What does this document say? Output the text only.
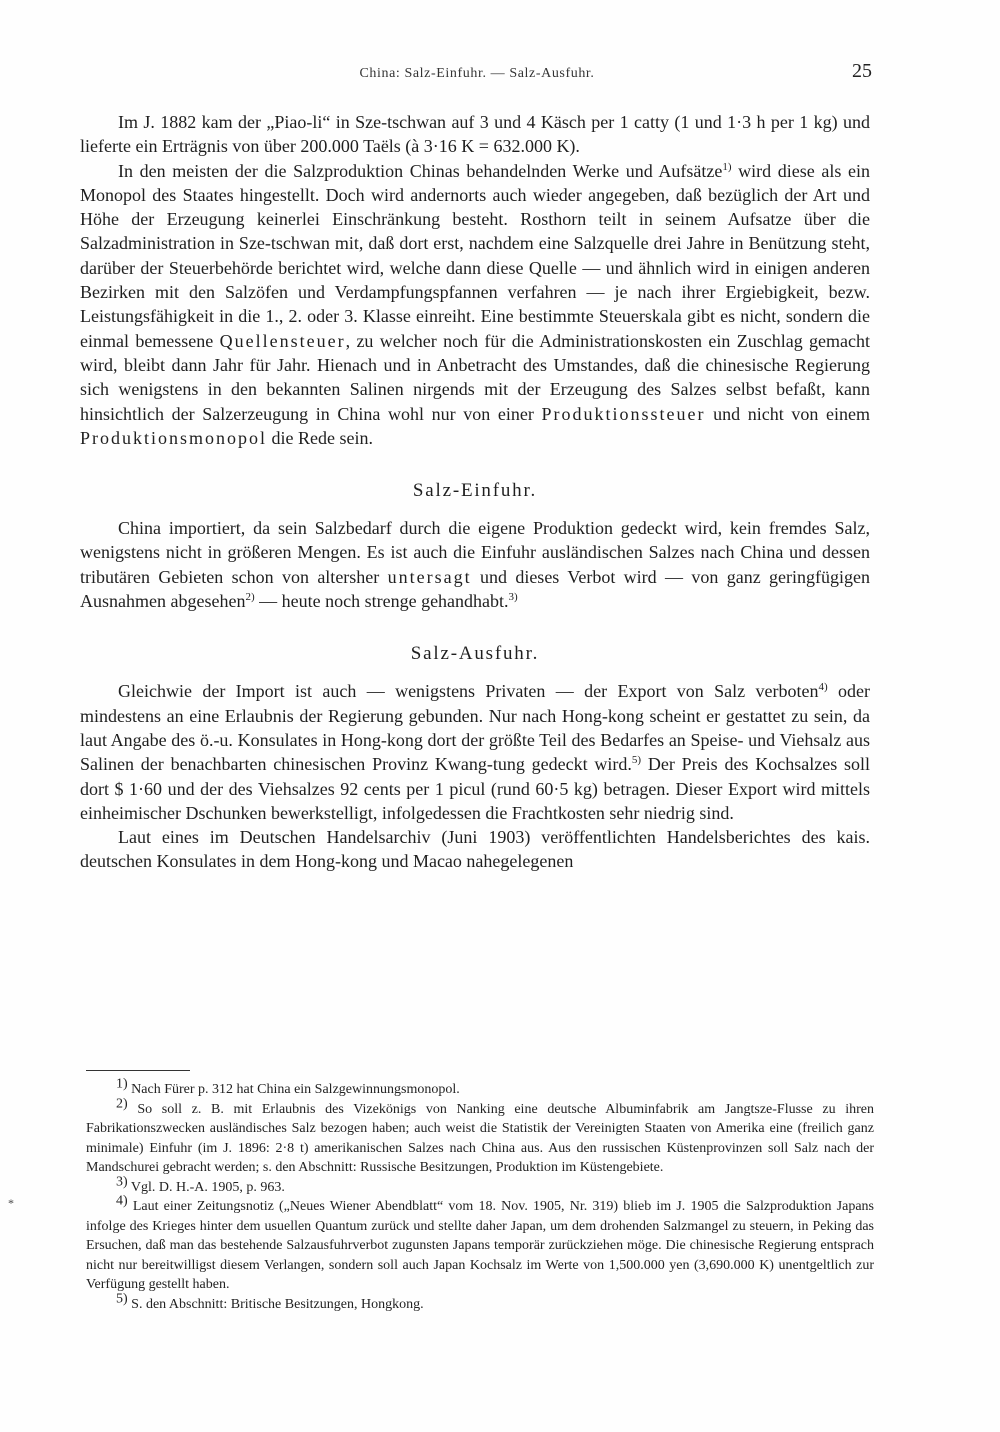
China: Salz-Einfuhr. — Salz-Ausfuhr.	25

Im J. 1882 kam der „Piao-li“ in Sze-tschwan auf 3 und 4 Käsch per 1 catty (1 und 1·3 h per 1 kg) und lieferte ein Erträgnis von über 200.000 Taëls (à 3·16 K = 632.000 K).

In den meisten der die Salzproduktion Chinas behandelnden Werke und Aufsätze$^{1)}$ wird diese als ein Monopol des Staates hingestellt. Doch wird andernorts auch wieder angegeben, daß bezüglich der Art und Höhe der Erzeugung keinerlei Einschränkung besteht. Rosthorn teilt in seinem Aufsatze über die Salzadministration in Sze-tschwan mit, daß dort erst, nachdem eine Salzquelle drei Jahre in Benützung steht, darüber der Steuerbehörde berichtet wird, welche dann diese Quelle — und ähnlich wird in einigen anderen Bezirken mit den Salzöfen und Verdampfungspfannen verfahren — je nach ihrer Ergiebigkeit, bezw. Leistungsfähigkeit in die 1., 2. oder 3. Klasse einreiht. Eine bestimmte Steuerskala gibt es nicht, sondern die einmal bemessene Quellensteuer, zu welcher noch für die Administrationskosten ein Zuschlag gemacht wird, bleibt dann Jahr für Jahr. Hienach und in Anbetracht des Umstandes, daß die chinesische Regierung sich wenigstens in den bekannten Salinen nirgends mit der Erzeugung des Salzes selbst befaßt, kann hinsichtlich der Salzerzeugung in China wohl nur von einer Produktionssteuer und nicht von einem Produktionsmonopol die Rede sein.

Salz-Einfuhr.

China importiert, da sein Salzbedarf durch die eigene Produktion gedeckt wird, kein fremdes Salz, wenigstens nicht in größeren Mengen. Es ist auch die Einfuhr ausländischen Salzes nach China und dessen tributären Gebieten schon von altersher untersagt und dieses Verbot wird — von ganz geringfügigen Ausnahmen abgesehen$^{2)}$ — heute noch strenge gehandhabt.$^{3)}$

Salz-Ausfuhr.

Gleichwie der Import ist auch — wenigstens Privaten — der Export von Salz verboten$^{4)}$ oder mindestens an eine Erlaubnis der Regierung gebunden. Nur nach Hong-kong scheint er gestattet zu sein, da laut Angabe des ö.-u. Konsulates in Hong-kong dort der größte Teil des Bedarfes an Speise- und Viehsalz aus Salinen der benachbarten chinesischen Provinz Kwang-tung gedeckt wird.$^{5)}$ Der Preis des Kochsalzes soll dort $ 1·60 und der des Viehsalzes 92 cents per 1 picul (rund 60·5 kg) betragen. Dieser Export wird mittels einheimischer Dschunken bewerkstelligt, infolgedessen die Frachtkosten sehr niedrig sind.

Laut eines im Deutschen Handelsarchiv (Juni 1903) veröffentlichten Handelsberichtes des kais. deutschen Konsulates in dem Hong-kong und Macao nahegelegenen

$^{1)}$ Nach Fürer p. 312 hat China ein Salzgewinnungsmonopol.

$^{2)}$ So soll z. B. mit Erlaubnis des Vizekönigs von Nanking eine deutsche Albuminfabrik am Jangtsze-Flusse zu ihren Fabrikationszwecken ausländisches Salz bezogen haben; auch weist die Statistik der Vereinigten Staaten von Amerika eine (freilich ganz minimale) Einfuhr (im J. 1896: 2·8 t) amerikanischen Salzes nach China aus. Aus den russischen Küstenprovinzen soll Salz nach der Mandschurei gebracht werden; s. den Abschnitt: Russische Besitzungen, Produktion im Küstengebiete.

$^{3)}$ Vgl. D. H.-A. 1905, p. 963.

$^{4)}$ Laut einer Zeitungsnotiz („Neues Wiener Abendblatt“ vom 18. Nov. 1905, Nr. 319) blieb im J. 1905 die Salzproduktion Japans infolge des Krieges hinter dem usuellen Quantum zurück und stellte daher Japan, um dem drohenden Salzmangel zu steuern, in Peking das Ersuchen, daß man das bestehende Salzausfuhrverbot zugunsten Japans temporär zurückziehen möge. Die chinesische Regierung entsprach nicht nur bereitwilligst diesem Verlangen, sondern soll auch Japan Kochsalz im Werte von 1,500.000 yen (3,690.000 K) unentgeltlich zur Verfügung gestellt haben.

$^{5)}$ S. den Abschnitt: Britische Besitzungen, Hongkong.

*
